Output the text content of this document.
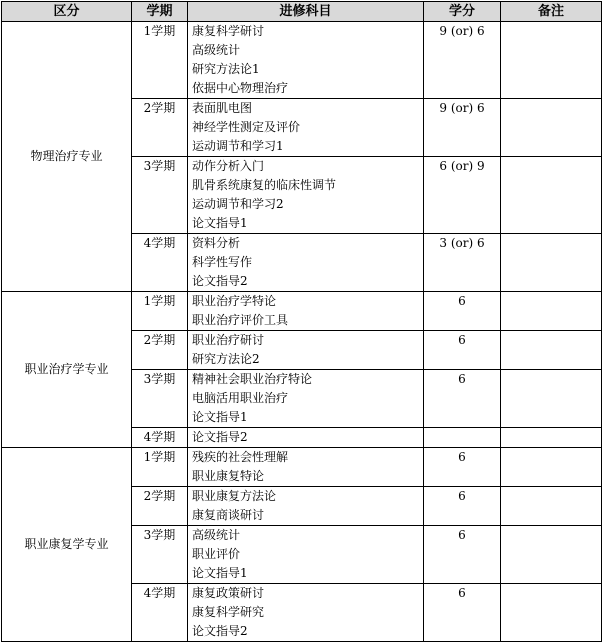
区分	学期	进修科目	学分	备注
物理治疗专业	1学期	康复科学研讨
高级统计
研究方法论1
依据中心物理治疗	9 (or) 6	
	2学期	表面肌电图
神经学性测定及评价
运动调节和学习1	9 (or) 6	
	3学期	动作分析入门
肌骨系统康复的临床性调节
运动调节和学习2
论文指导1	6 (or) 9	
	4学期	资料分析
科学性写作
论文指导2	3 (or) 6	
职业治疗学专业	1学期	职业治疗学特论
职业治疗评价工具	6	
	2学期	职业治疗研讨
研究方法论2	6	
	3学期	精神社会职业治疗特论
电脑活用职业治疗
论文指导1	6	
	4学期	论文指导2		

职业康复学专业	1学期	残疾的社会性理解
职业康复特论	6	
	2学期	职业康复方法论
康复商谈研讨	6	
	3学期	高级统计
职业评价
论文指导1	6	
	4学期	康复政策研讨
康复科学研究
论文指导2	6	
